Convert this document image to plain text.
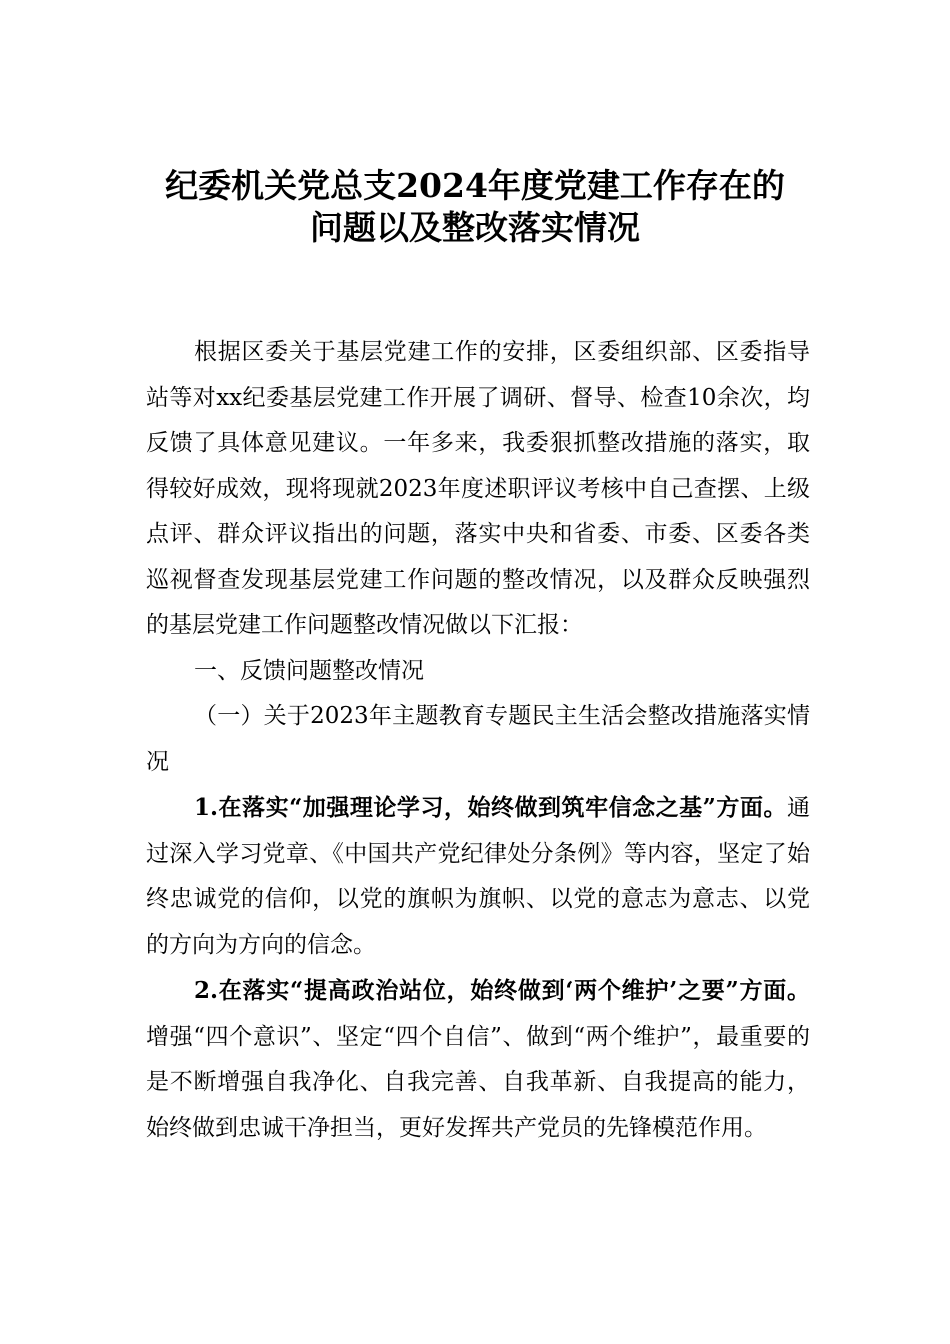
纪委机关党总支2024年度党建工作存在的
问题以及整改落实情况

根据区委关于基层党建工作的安排，区委组织部、区委指导站等对xx纪委基层党建工作开展了调研、督导、检查10余次，均反馈了具体意见建议。一年多来，我委狠抓整改措施的落实，取得较好成效，现将现就2023年度述职评议考核中自己查摆、上级点评、群众评议指出的问题，落实中央和省委、市委、区委各类巡视督查发现基层党建工作问题的整改情况，以及群众反映强烈的基层党建工作问题整改情况做以下汇报：

一、反馈问题整改情况

（一）关于2023年主题教育专题民主生活会整改措施落实情况

1.在落实“加强理论学习，始终做到筑牢信念之基”方面。通过深入学习党章、《中国共产党纪律处分条例》等内容，坚定了始终忠诚党的信仰，以党的旗帜为旗帜、以党的意志为意志、以党的方向为方向的信念。

2.在落实“提高政治站位，始终做到‘两个维护’之要”方面。增强“四个意识”、坚定“四个自信”、做到“两个维护”，最重要的是不断增强自我净化、自我完善、自我革新、自我提高的能力，始终做到忠诚干净担当，更好发挥共产党员的先锋模范作用。
